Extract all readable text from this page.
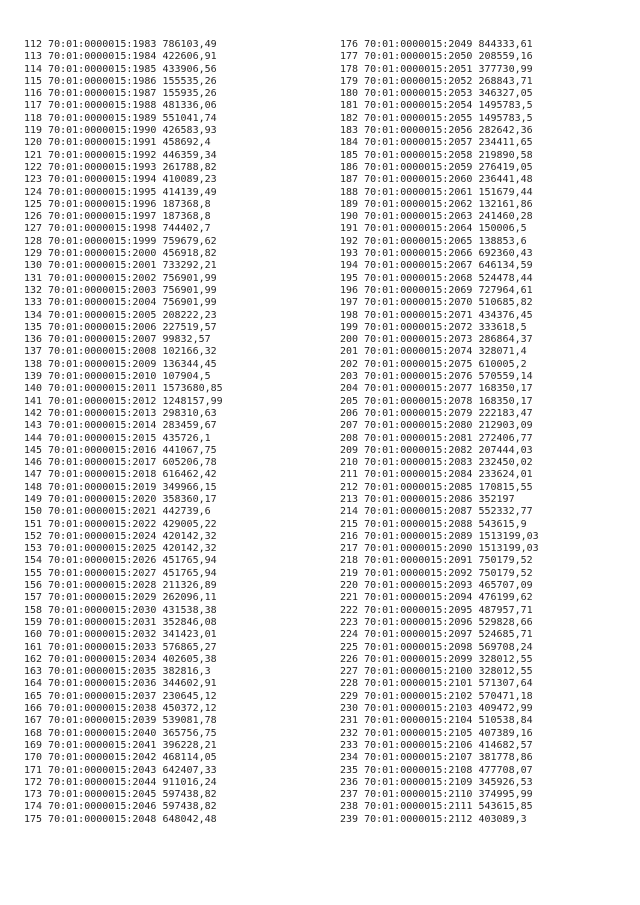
112 70:01:0000015:1983 786103,49
113 70:01:0000015:1984 422606,91
114 70:01:0000015:1985 433906,56
115 70:01:0000015:1986 155535,26
116 70:01:0000015:1987 155935,26
117 70:01:0000015:1988 481336,06
118 70:01:0000015:1989 551041,74
119 70:01:0000015:1990 426583,93
120 70:01:0000015:1991 458692,4
121 70:01:0000015:1992 446359,34
122 70:01:0000015:1993 261788,82
123 70:01:0000015:1994 410089,23
124 70:01:0000015:1995 414139,49
125 70:01:0000015:1996 187368,8
126 70:01:0000015:1997 187368,8
127 70:01:0000015:1998 744402,7
128 70:01:0000015:1999 759679,62
129 70:01:0000015:2000 456918,82
130 70:01:0000015:2001 733292,21
131 70:01:0000015:2002 756901,99
132 70:01:0000015:2003 756901,99
133 70:01:0000015:2004 756901,99
134 70:01:0000015:2005 208222,23
135 70:01:0000015:2006 227519,57
136 70:01:0000015:2007 99832,57
137 70:01:0000015:2008 102166,32
138 70:01:0000015:2009 136344,45
139 70:01:0000015:2010 107904,5
140 70:01:0000015:2011 1573680,85
141 70:01:0000015:2012 1248157,99
142 70:01:0000015:2013 298310,63
143 70:01:0000015:2014 283459,67
144 70:01:0000015:2015 435726,1
145 70:01:0000015:2016 441067,75
146 70:01:0000015:2017 605206,78
147 70:01:0000015:2018 616462,42
148 70:01:0000015:2019 349966,15
149 70:01:0000015:2020 358360,17
150 70:01:0000015:2021 442739,6
151 70:01:0000015:2022 429005,22
152 70:01:0000015:2024 420142,32
153 70:01:0000015:2025 420142,32
154 70:01:0000015:2026 451765,94
155 70:01:0000015:2027 451765,94
156 70:01:0000015:2028 211326,89
157 70:01:0000015:2029 262096,11
158 70:01:0000015:2030 431538,38
159 70:01:0000015:2031 352846,08
160 70:01:0000015:2032 341423,01
161 70:01:0000015:2033 576865,27
162 70:01:0000015:2034 402605,38
163 70:01:0000015:2035 382816,3
164 70:01:0000015:2036 344602,91
165 70:01:0000015:2037 230645,12
166 70:01:0000015:2038 450372,12
167 70:01:0000015:2039 539081,78
168 70:01:0000015:2040 365756,75
169 70:01:0000015:2041 396228,21
170 70:01:0000015:2042 468114,05
171 70:01:0000015:2043 642407,33
172 70:01:0000015:2044 911016,24
173 70:01:0000015:2045 597438,82
174 70:01:0000015:2046 597438,82
175 70:01:0000015:2048 648042,48
176 70:01:0000015:2049 844333,61
177 70:01:0000015:2050 208559,16
178 70:01:0000015:2051 377730,99
179 70:01:0000015:2052 268843,71
180 70:01:0000015:2053 346327,05
181 70:01:0000015:2054 1495783,5
182 70:01:0000015:2055 1495783,5
183 70:01:0000015:2056 282642,36
184 70:01:0000015:2057 234411,65
185 70:01:0000015:2058 219890,58
186 70:01:0000015:2059 276419,05
187 70:01:0000015:2060 236441,48
188 70:01:0000015:2061 151679,44
189 70:01:0000015:2062 132161,86
190 70:01:0000015:2063 241460,28
191 70:01:0000015:2064 150006,5
192 70:01:0000015:2065 138853,6
193 70:01:0000015:2066 692360,43
194 70:01:0000015:2067 646134,59
195 70:01:0000015:2068 524478,44
196 70:01:0000015:2069 727964,61
197 70:01:0000015:2070 510685,82
198 70:01:0000015:2071 434376,45
199 70:01:0000015:2072 333618,5
200 70:01:0000015:2073 286864,37
201 70:01:0000015:2074 328071,4
202 70:01:0000015:2075 610005,2
203 70:01:0000015:2076 570559,14
204 70:01:0000015:2077 168350,17
205 70:01:0000015:2078 168350,17
206 70:01:0000015:2079 222183,47
207 70:01:0000015:2080 212903,09
208 70:01:0000015:2081 272406,77
209 70:01:0000015:2082 207444,03
210 70:01:0000015:2083 232450,02
211 70:01:0000015:2084 233624,01
212 70:01:0000015:2085 170815,55
213 70:01:0000015:2086 352197
214 70:01:0000015:2087 552332,77
215 70:01:0000015:2088 543615,9
216 70:01:0000015:2089 1513199,03
217 70:01:0000015:2090 1513199,03
218 70:01:0000015:2091 750179,52
219 70:01:0000015:2092 750179,52
220 70:01:0000015:2093 465707,09
221 70:01:0000015:2094 476199,62
222 70:01:0000015:2095 487957,71
223 70:01:0000015:2096 529828,66
224 70:01:0000015:2097 524685,71
225 70:01:0000015:2098 569708,24
226 70:01:0000015:2099 328012,55
227 70:01:0000015:2100 328012,55
228 70:01:0000015:2101 571307,64
229 70:01:0000015:2102 570471,18
230 70:01:0000015:2103 409472,99
231 70:01:0000015:2104 510538,84
232 70:01:0000015:2105 407389,16
233 70:01:0000015:2106 414682,57
234 70:01:0000015:2107 381778,86
235 70:01:0000015:2108 477708,07
236 70:01:0000015:2109 345926,53
237 70:01:0000015:2110 374995,99
238 70:01:0000015:2111 543615,85
239 70:01:0000015:2112 403089,3
